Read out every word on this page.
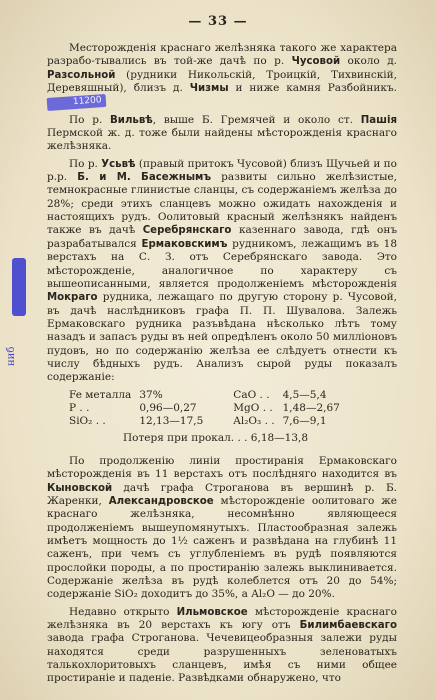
— 33 —
ниб

Месторожденія краснаго желѣзняка такого же характера разрабо-тывались въ той-же дачѣ по р. Чусовой около д. Разсольной (рудники Никольскій, Троицкій, Тихвинскій, Деревяшный), близъ д. Чизмы и ниже камня Разбойникъ. 11200

По р. Вильвѣ, выше Б. Гремячей и около ст. Пашія Пермской ж. д. тоже были найдены мѣсторожденія краснаго желѣзняка.

По р. Усьвѣ (правый притокъ Чусовой) близъ Щучьей и по р.р. Б. и М. Басежнымъ развиты сильно желѣзистые, темнокрасные глинистые сланцы, съ содержаніемъ желѣза до 28%; среди этихъ сланцевъ можно ожидать нахожденія и настоящихъ рудъ. Оолитовый красный желѣзнякъ найденъ также въ дачѣ Серебрянскаго казеннаго завода, гдѣ онъ разрабатывался Ермаковскимъ рудникомъ, лежащимъ въ 18 верстахъ на С. З. отъ Серебрянскаго завода. Это мѣсторожденіе, аналогичное по характеру съ вышеописанными, является продолженіемъ мѣсторожденія Мокраго рудника, лежащаго по другую сторону р. Чусовой, въ дачѣ наслѣдниковъ графа П. П. Шувалова. Залежь Ермаковскаго рудника разъвѣдана нѣсколько лѣтъ тому назадъ и запасъ руды въ ней опредѣленъ около 50 милліоновъ пудовъ, но по содержанію желѣза ее слѣдуетъ отнести къ числу бѣдныхъ рудъ. Анализъ сырой руды показалъ содержаніе:

Fe металла	37%	CaO . .	4,5—5,4
P . .	0,96—0,27	MgO . .	1,48—2,67
SiO₂ . .	12,13—17,5	Al₂O₃ . .	7,6—9,1
Потеря при прокал. . . 6,18—13,8

По продолженію линіи простиранія Ермаковскаго мѣсторожденія въ 11 верстахъ отъ послѣдняго находится въ Кыновской дачѣ графа Строганова въ вершинѣ р. Б. Жаренки, Александровское мѣсторожденіе оолитоваго же краснаго желѣзняка, несомнѣнно являющееся продолженіемъ вышеупомянутыхъ. Пластообразная залежь имѣетъ мощность до 1½ саженъ и развѣдана на глубинѣ 11 саженъ, при чемъ съ углубленіемъ въ рудѣ появляются прослойки породы, а по простиранію залежь выклинивается. Содержаніе желѣза въ рудѣ колеблется отъ 20 до 54%; содержаніе SiO₂ доходитъ до 35%, а Al₂O — до 20%.

Недавно открыто Ильмовское мѣсторожденіе краснаго желѣзняка въ 20 верстахъ къ югу отъ Билимбаевскаго завода графа Строганова. Чечевицеобразныя залежи руды находятся среди разрушенныхъ зеленоватыхъ талькохлоритовыхъ сланцевъ, имѣя съ ними общее простираніе и паденіе. Развѣдками обнаружено, что
